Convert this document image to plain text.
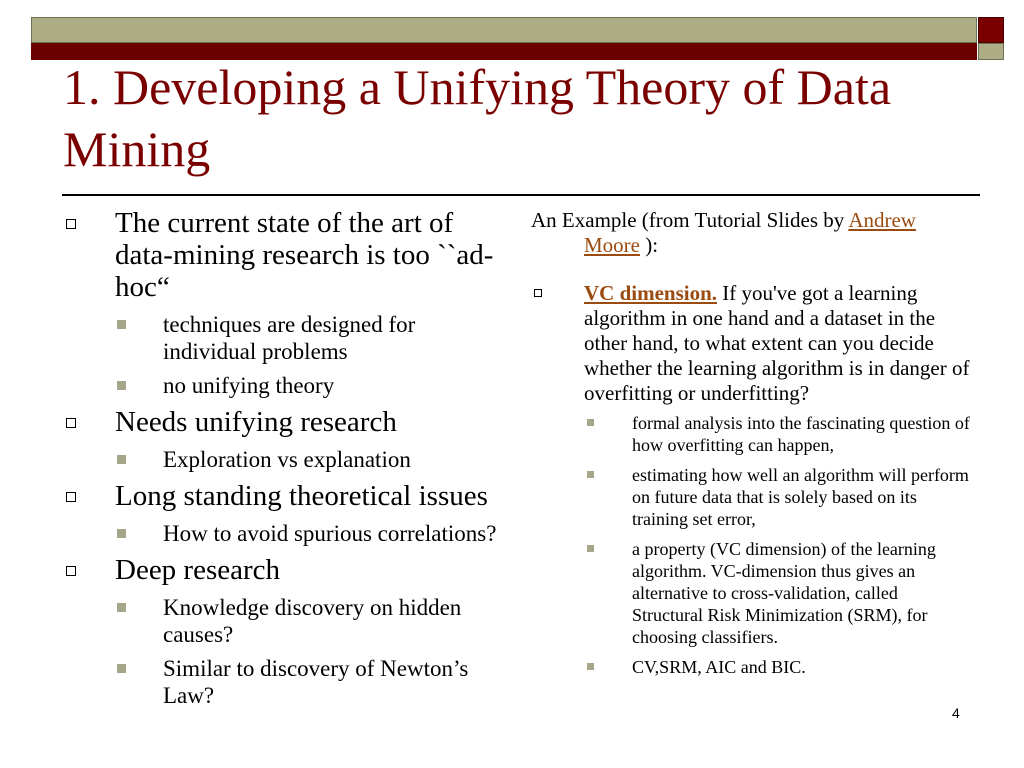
1. Developing a Unifying Theory of Data Mining
The current state of the art of data-mining research is too ``ad-hoc“
techniques are designed for individual problems
no unifying theory
Needs unifying research
Exploration vs explanation
Long standing theoretical issues
How to avoid spurious correlations?
Deep research
Knowledge discovery on hidden causes?
Similar to discovery of Newton’s Law?
An Example (from Tutorial Slides by Andrew Moore ):
VC dimension. If you've got a learning algorithm in one hand and a dataset in the other hand, to what extent can you decide whether the learning algorithm is in danger of overfitting or underfitting?
formal analysis into the fascinating question of how overfitting can happen,
estimating how well an algorithm will perform on future data that is solely based on its training set error,
a property (VC dimension) of the learning algorithm. VC-dimension thus gives an alternative to cross-validation, called Structural Risk Minimization (SRM), for choosing classifiers.
CV,SRM, AIC and BIC.
4
